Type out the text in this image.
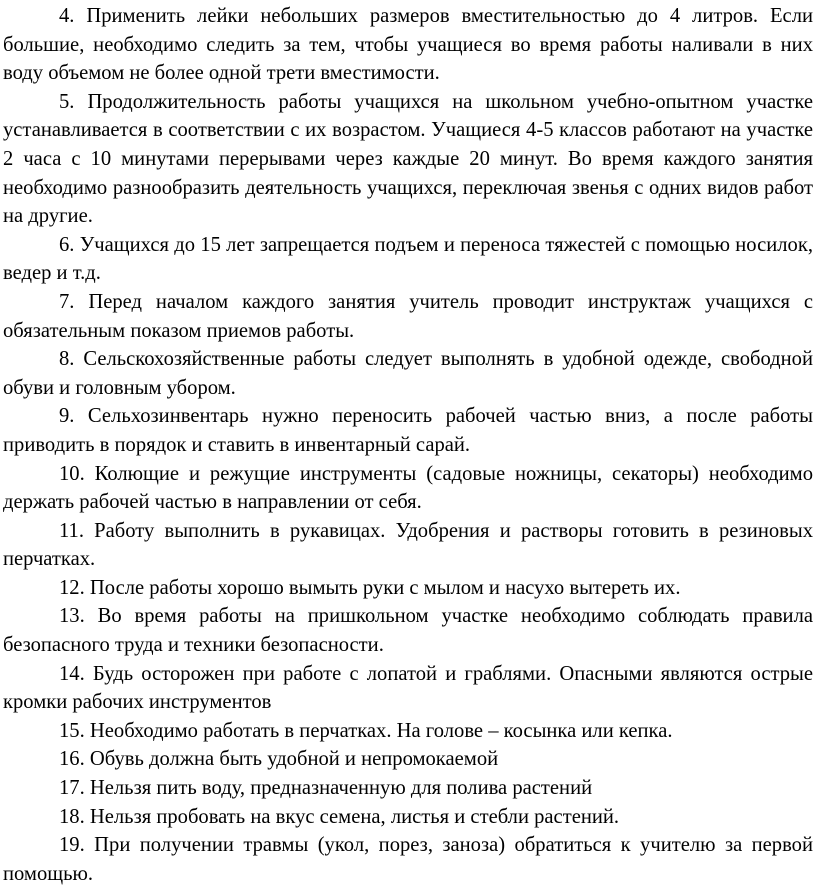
4. Применить лейки небольших размеров вместительностью до 4 литров. Если большие, необходимо следить за тем, чтобы учащиеся во время работы наливали в них воду объемом не более одной трети вместимости.

5. Продолжительность работы учащихся на школьном учебно-опытном участке устанавливается в соответствии с их возрастом. Учащиеся 4-5 классов работают на участке 2 часа с 10 минутами перерывами через каждые 20 минут. Во время каждого занятия необходимо разнообразить деятельность учащихся, переключая звенья с одних видов работ на другие.

6. Учащихся до 15 лет запрещается подъем и переноса тяжестей с помощью носилок, ведер и т.д.

7. Перед началом каждого занятия учитель проводит инструктаж учащихся с обязательным показом приемов работы.

8. Сельскохозяйственные работы следует выполнять в удобной одежде, свободной обуви и головным убором.

9. Сельхозинвентарь нужно переносить рабочей частью вниз, а после работы приводить в порядок и ставить в инвентарный сарай.

10. Колющие и режущие инструменты (садовые ножницы, секаторы) необходимо держать рабочей частью в направлении от себя.

11. Работу выполнить в рукавицах. Удобрения и растворы готовить в резиновых перчатках.

12. После работы хорошо вымыть руки с мылом и насухо вытереть их.

13. Во время работы на пришкольном участке необходимо соблюдать правила безопасного труда и техники безопасности.

14. Будь осторожен при работе с лопатой и граблями. Опасными являются острые кромки рабочих инструментов

15. Необходимо работать в перчатках. На голове – косынка или кепка.

16. Обувь должна быть удобной и непромокаемой

17. Нельзя пить воду, предназначенную для полива растений

18. Нельзя пробовать на вкус семена, листья и стебли растений.

19. При получении травмы (укол, порез, заноза) обратиться к учителю за первой помощью.
